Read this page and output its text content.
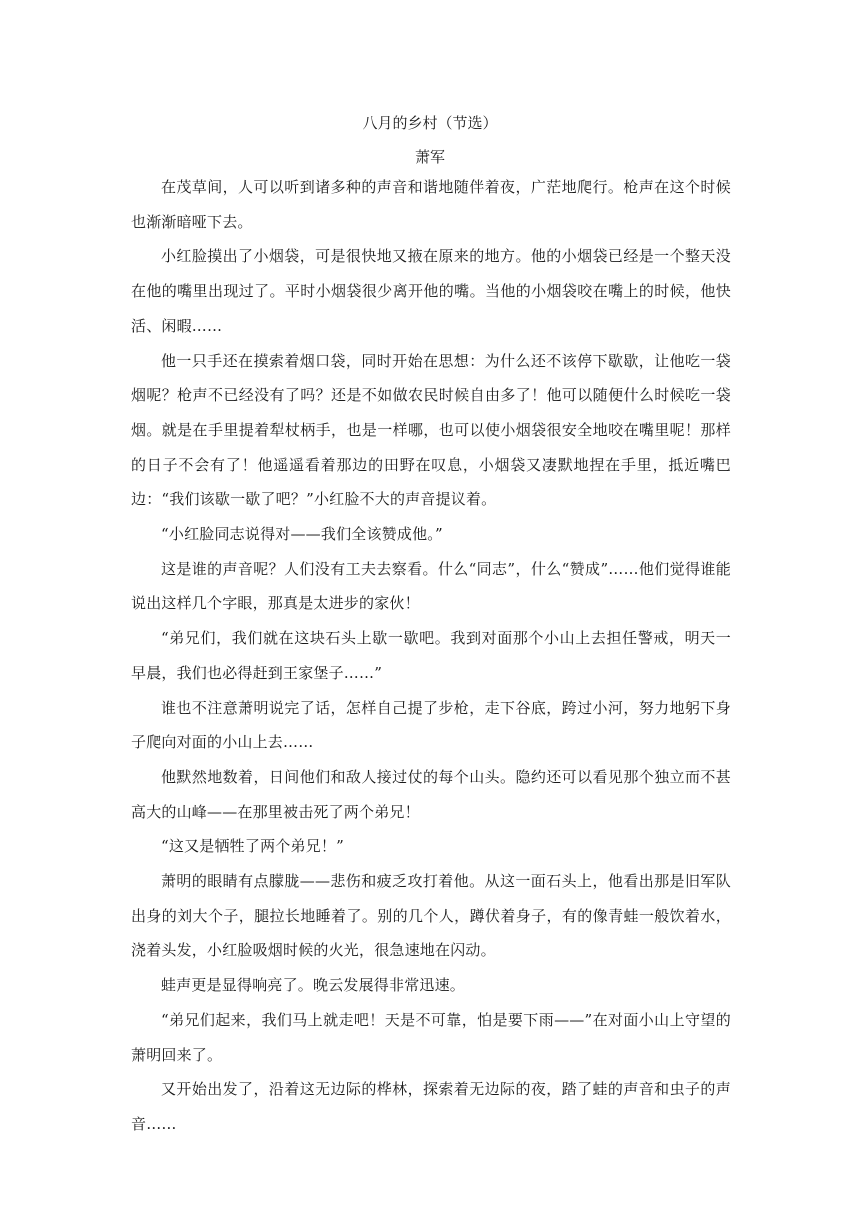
八月的乡村（节选）
萧军

在茂草间，人可以听到诸多种的声音和谐地随伴着夜，广茫地爬行。枪声在这个时候也渐渐暗哑下去。

小红脸摸出了小烟袋，可是很快地又掖在原来的地方。他的小烟袋已经是一个整天没在他的嘴里出现过了。平时小烟袋很少离开他的嘴。当他的小烟袋咬在嘴上的时候，他快活、闲暇……

他一只手还在摸索着烟口袋，同时开始在思想：为什么还不该停下歇歇，让他吃一袋烟呢？枪声不已经没有了吗？还是不如做农民时候自由多了！他可以随便什么时候吃一袋烟。就是在手里提着犁杖柄手，也是一样哪，也可以使小烟袋很安全地咬在嘴里呢！那样的日子不会有了！他遥遥看着那边的田野在叹息，小烟袋又凄默地捏在手里，抵近嘴巴边：“我们该歇一歇了吧？”小红脸不大的声音提议着。

“小红脸同志说得对——我们全该赞成他。”

这是谁的声音呢？人们没有工夫去察看。什么“同志”，什么“赞成”……他们觉得谁能说出这样几个字眼，那真是太进步的家伙！

“弟兄们，我们就在这块石头上歇一歇吧。我到对面那个小山上去担任警戒，明天一早晨，我们也必得赶到王家堡子……”

谁也不注意萧明说完了话，怎样自己提了步枪，走下谷底，跨过小河，努力地躬下身子爬向对面的小山上去……

他默然地数着，日间他们和敌人接过仗的每个山头。隐约还可以看见那个独立而不甚高大的山峰——在那里被击死了两个弟兄！

“这又是牺牲了两个弟兄！”

萧明的眼睛有点朦胧——悲伤和疲乏攻打着他。从这一面石头上，他看出那是旧军队出身的刘大个子，腿拉长地睡着了。别的几个人，蹲伏着身子，有的像青蛙一般饮着水，浇着头发，小红脸吸烟时候的火光，很急速地在闪动。

蛙声更是显得响亮了。晚云发展得非常迅速。

“弟兄们起来，我们马上就走吧！天是不可靠，怕是要下雨——”在对面小山上守望的萧明回来了。

又开始出发了，沿着这无边际的桦林，探索着无边际的夜，踏了蛙的声音和虫子的声音……
